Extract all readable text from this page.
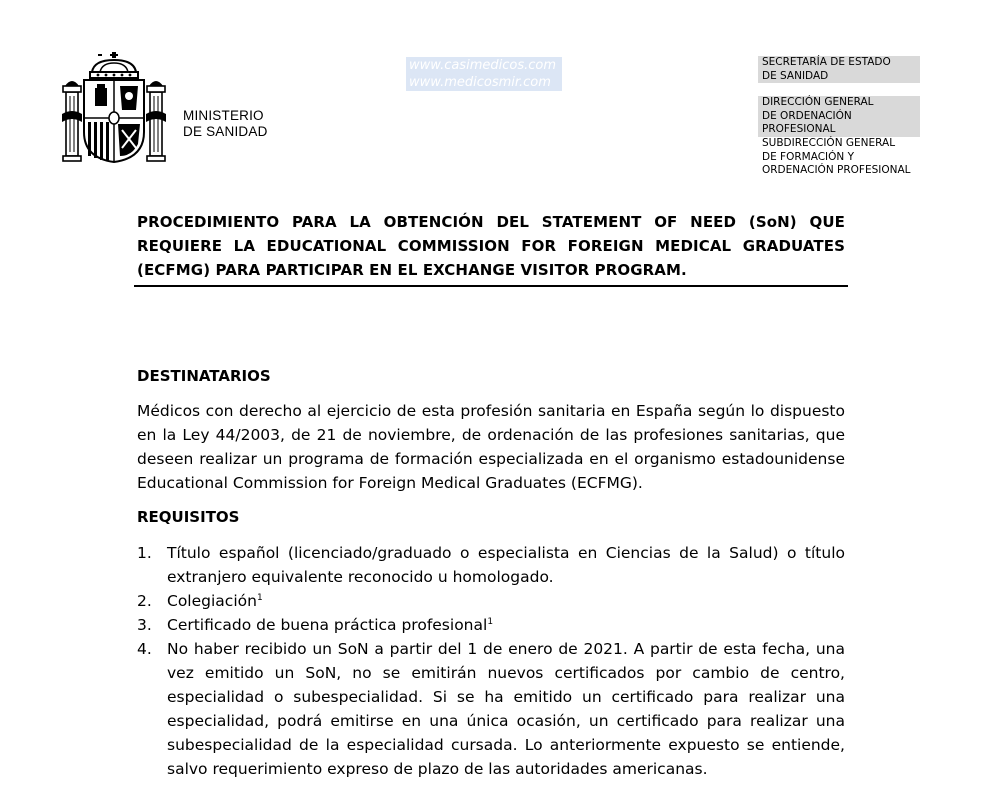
MINISTERIO
DE SANIDAD
www.casimedicos.com
www.medicosmir.com
SECRETARÍA DE ESTADO
DE SANIDAD
DIRECCIÓN GENERAL
DE ORDENACIÓN PROFESIONAL
SUBDIRECCIÓN GENERAL
DE FORMACIÓN Y
ORDENACIÓN PROFESIONAL
PROCEDIMIENTO PARA LA OBTENCIÓN DEL STATEMENT OF NEED (SoN) QUE REQUIERE LA EDUCATIONAL COMMISSION FOR FOREIGN MEDICAL GRADUATES (ECFMG) PARA PARTICIPAR EN EL EXCHANGE VISITOR PROGRAM.
DESTINATARIOS
Médicos con derecho al ejercicio de esta profesión sanitaria en España según lo dispuesto en la Ley 44/2003, de 21 de noviembre, de ordenación de las profesiones sanitarias, que deseen realizar un programa de formación especializada en el organismo estadounidense Educational Commission for Foreign Medical Graduates (ECFMG).
REQUISITOS
1. Título español (licenciado/graduado o especialista en Ciencias de la Salud) o título extranjero equivalente reconocido u homologado.
2. Colegiación$^1$
3. Certificado de buena práctica profesional$^1$
4. No haber recibido un SoN a partir del 1 de enero de 2021. A partir de esta fecha, una vez emitido un SoN, no se emitirán nuevos certificados por cambio de centro, especialidad o subespecialidad. Si se ha emitido un certificado para realizar una especialidad, podrá emitirse en una única ocasión, un certificado para realizar una subespecialidad de la especialidad cursada. Lo anteriormente expuesto se entiende, salvo requerimiento expreso de plazo de las autoridades americanas.
